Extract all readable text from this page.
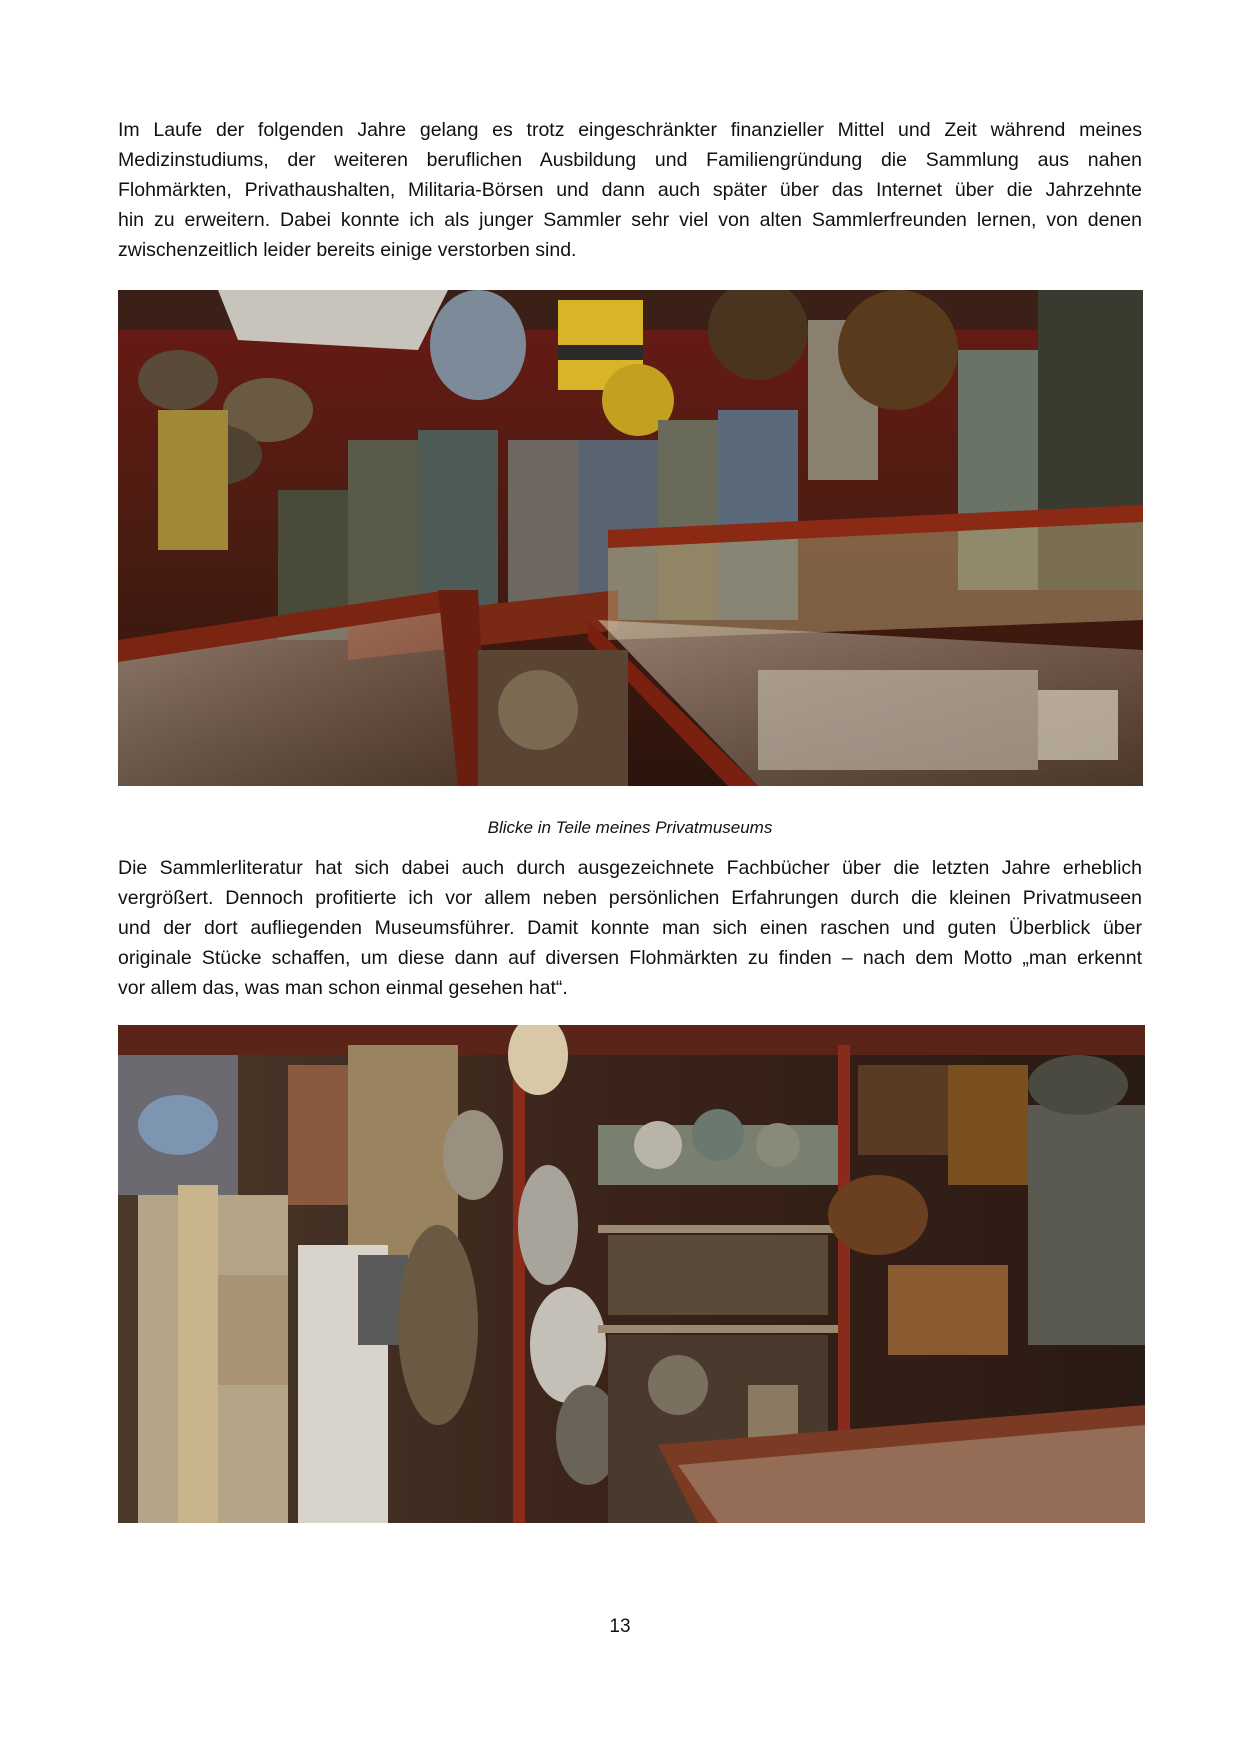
Im Laufe der folgenden Jahre gelang es trotz eingeschränkter finanzieller Mittel und Zeit während meines
Medizinstudiums, der weiteren beruflichen Ausbildung und Familiengründung die Sammlung aus nahen
Flohmärkten, Privathaushalten, Militaria-Börsen und dann auch später über das Internet über die Jahrzehnte
hin zu erweitern. Dabei konnte ich als junger Sammler sehr viel von alten Sammlerfreunden lernen, von denen
zwischenzeitlich leider bereits einige verstorben sind.
Blicke in Teile meines Privatmuseums
Die Sammlerliteratur hat sich dabei auch durch ausgezeichnete Fachbücher über die letzten Jahre erheblich
vergrößert. Dennoch profitierte ich vor allem neben persönlichen Erfahrungen durch die kleinen Privatmuseen
und der dort aufliegenden Museumsführer. Damit konnte man sich einen raschen und guten Überblick über
originale Stücke schaffen, um diese dann auf diversen Flohmärkten zu finden – nach dem Motto „man erkennt
vor allem das, was man schon einmal gesehen hat“.
13
